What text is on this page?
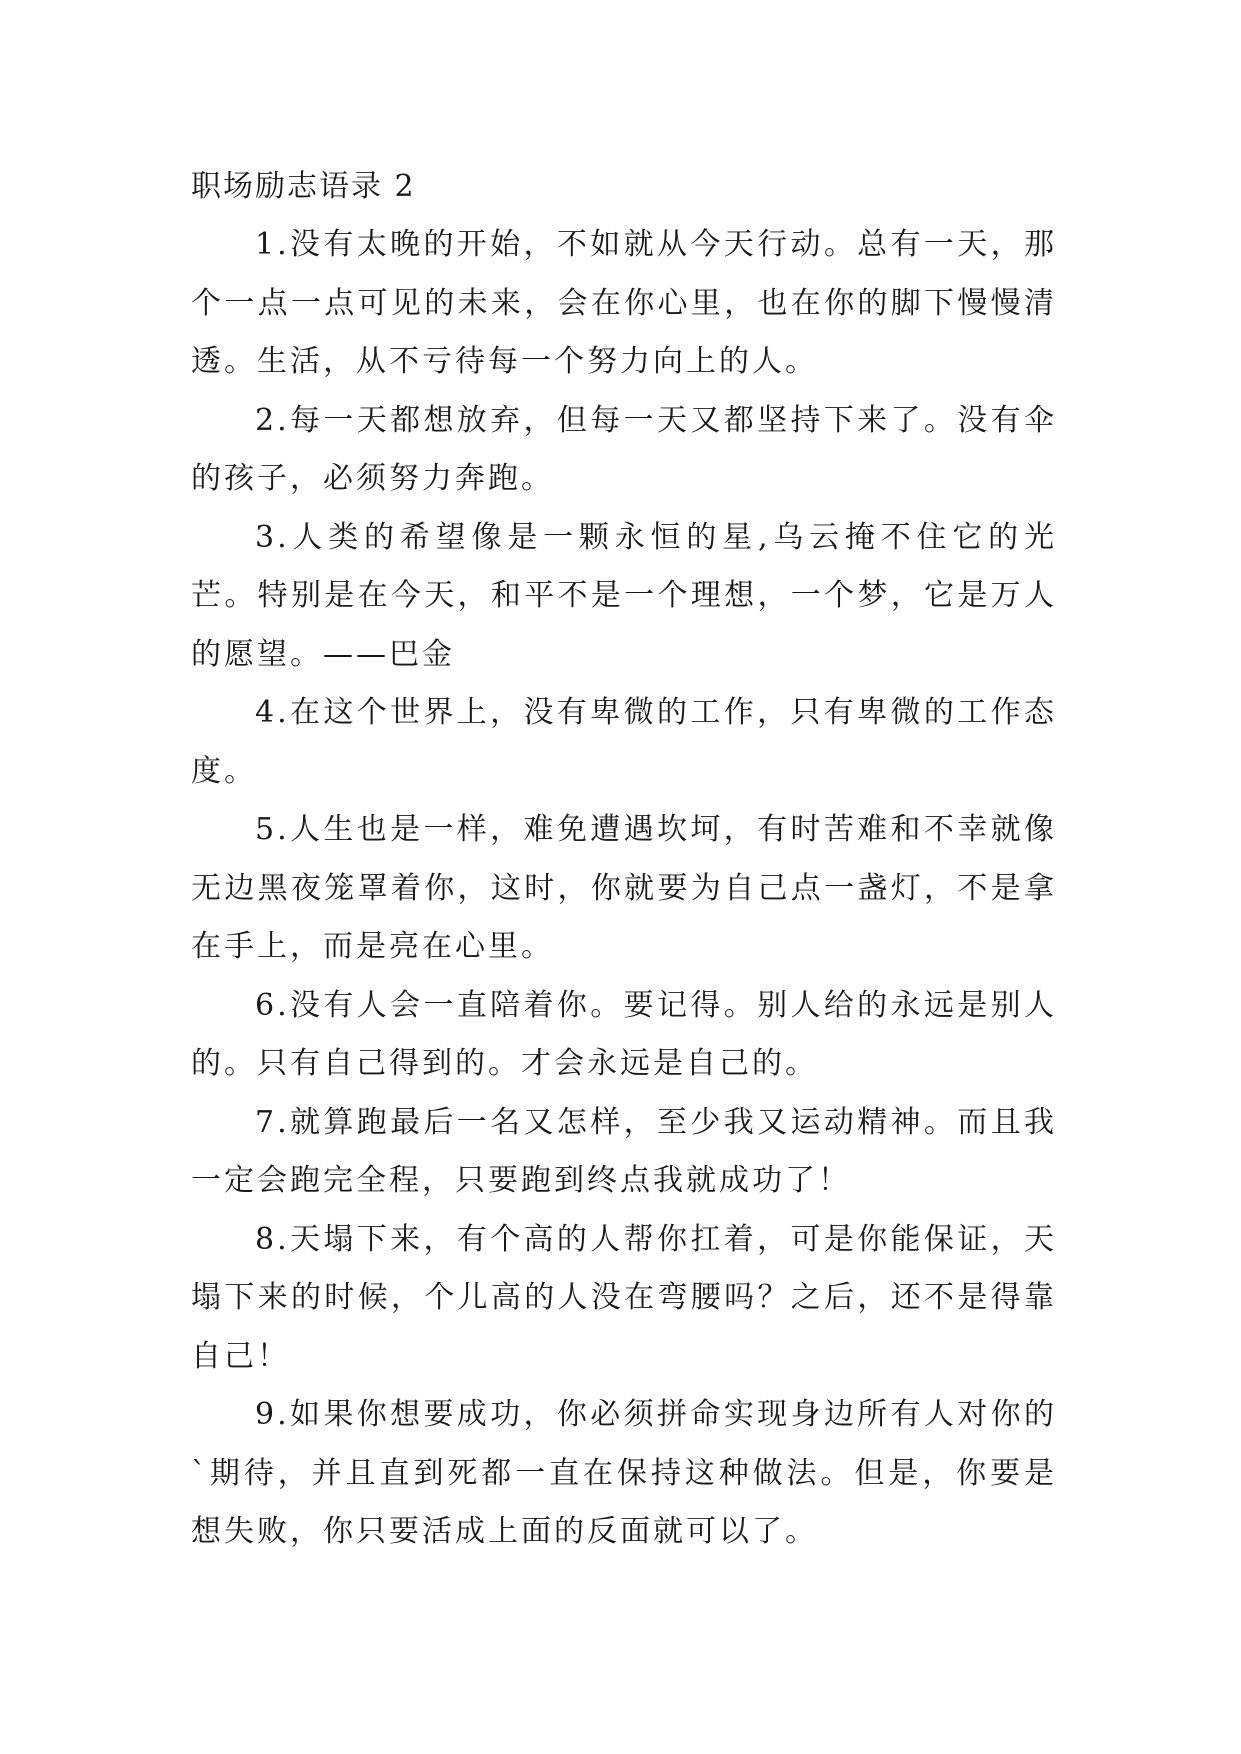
职场励志语录 2

1.没有太晚的开始，不如就从今天行动。总有一天，那个一点一点可见的未来，会在你心里，也在你的脚下慢慢清透。生活，从不亏待每一个努力向上的人。

2.每一天都想放弃，但每一天又都坚持下来了。没有伞的孩子，必须努力奔跑。

3.人类的希望像是一颗永恒的星,乌云掩不住它的光芒。特别是在今天，和平不是一个理想，一个梦，它是万人的愿望。——巴金

4.在这个世界上，没有卑微的工作，只有卑微的工作态度。

5.人生也是一样，难免遭遇坎坷，有时苦难和不幸就像无边黑夜笼罩着你，这时，你就要为自己点一盏灯，不是拿在手上，而是亮在心里。

6.没有人会一直陪着你。要记得。别人给的永远是别人的。只有自己得到的。才会永远是自己的。

7.就算跑最后一名又怎样，至少我又运动精神。而且我一定会跑完全程，只要跑到终点我就成功了！

8.天塌下来，有个高的人帮你扛着，可是你能保证，天塌下来的时候，个儿高的人没在弯腰吗？之后，还不是得靠自己！

9.如果你想要成功，你必须拼命实现身边所有人对你的`期待，并且直到死都一直在保持这种做法。但是，你要是想失败，你只要活成上面的反面就可以了。
